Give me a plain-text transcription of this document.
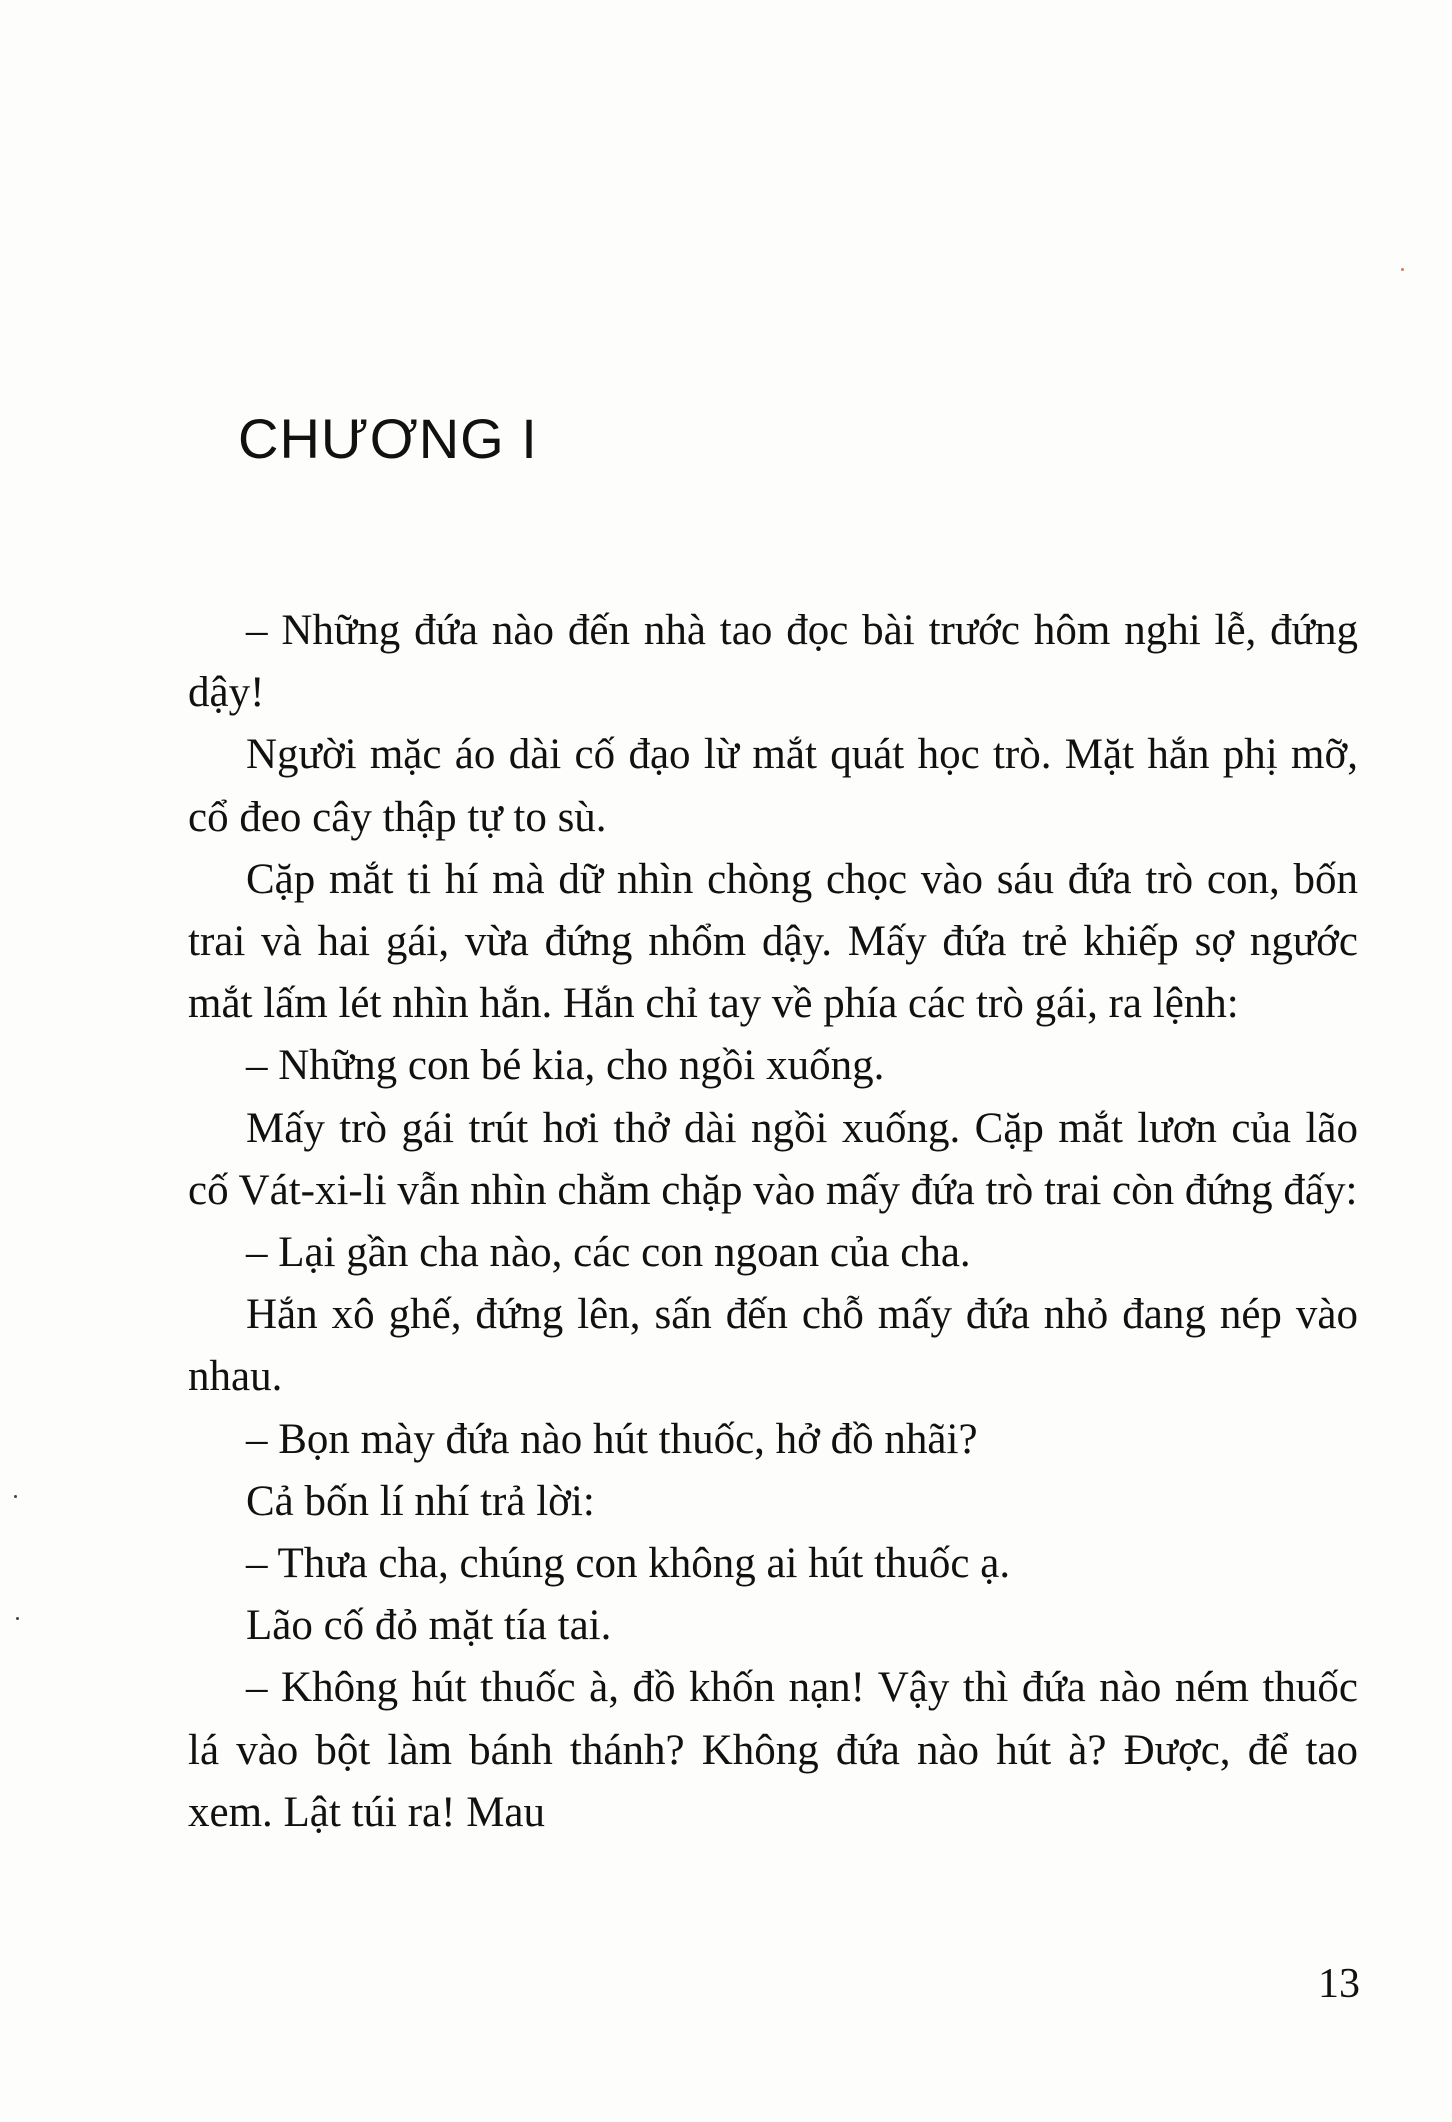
CHƯƠNG I

– Những đứa nào đến nhà tao đọc bài trước hôm nghi lễ, đứng dậy!

Người mặc áo dài cố đạo lừ mắt quát học trò. Mặt hắn phị mỡ, cổ đeo cây thập tự to sù.

Cặp mắt ti hí mà dữ nhìn chòng chọc vào sáu đứa trò con, bốn trai và hai gái, vừa đứng nhổm dậy. Mấy đứa trẻ khiếp sợ ngước mắt lấm lét nhìn hắn. Hắn chỉ tay về phía các trò gái, ra lệnh:

– Những con bé kia, cho ngồi xuống.

Mấy trò gái trút hơi thở dài ngồi xuống. Cặp mắt lươn của lão cố Vát-xi-li vẫn nhìn chằm chặp vào mấy đứa trò trai còn đứng đấy:

– Lại gần cha nào, các con ngoan của cha.

Hắn xô ghế, đứng lên, sấn đến chỗ mấy đứa nhỏ đang nép vào nhau.

– Bọn mày đứa nào hút thuốc, hở đồ nhãi?

Cả bốn lí nhí trả lời:

– Thưa cha, chúng con không ai hút thuốc ạ.

Lão cố đỏ mặt tía tai.

– Không hút thuốc à, đồ khốn nạn! Vậy thì đứa nào ném thuốc lá vào bột làm bánh thánh? Không đứa nào hút à? Được, để tao xem. Lật túi ra! Mau

13
